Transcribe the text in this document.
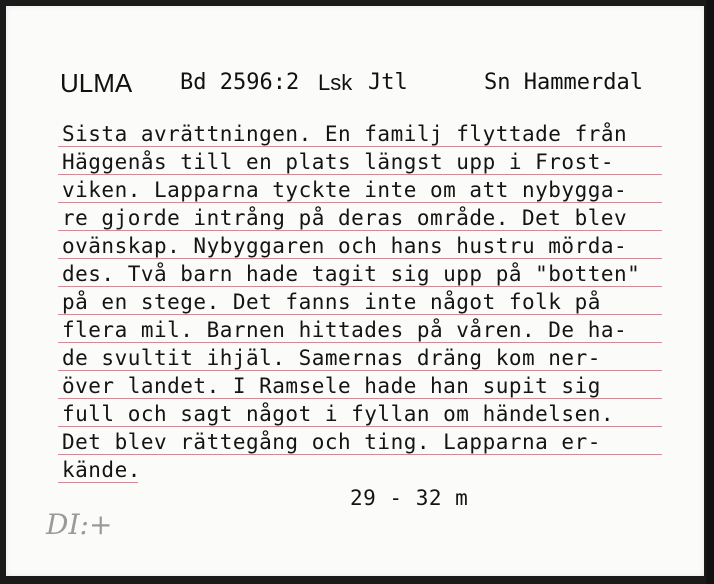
ULMA Bd 2596:2 Lsk Jtl	Sn Hammerdal
Sista avrättningen. En familj flyttade från
Häggenås till en plats längst upp i Frost-
viken. Lapparna tyckte inte om att nybygga-
re gjorde intrång på deras område. Det blev
ovänskap. Nybyggaren och hans hustru mörda-
des. Två barn hade tagit sig upp på "botten"
på en stege. Det fanns inte något folk på
flera mil. Barnen hittades på våren. De ha-
de svultit ihjäl. Samernas dräng kom ner-
över landet. I Ramsele hade han supit sig
full och sagt något i fyllan om händelsen.
Det blev rättegång och ting. Lapparna er-
kände.
29 - 32 m
DI:+
